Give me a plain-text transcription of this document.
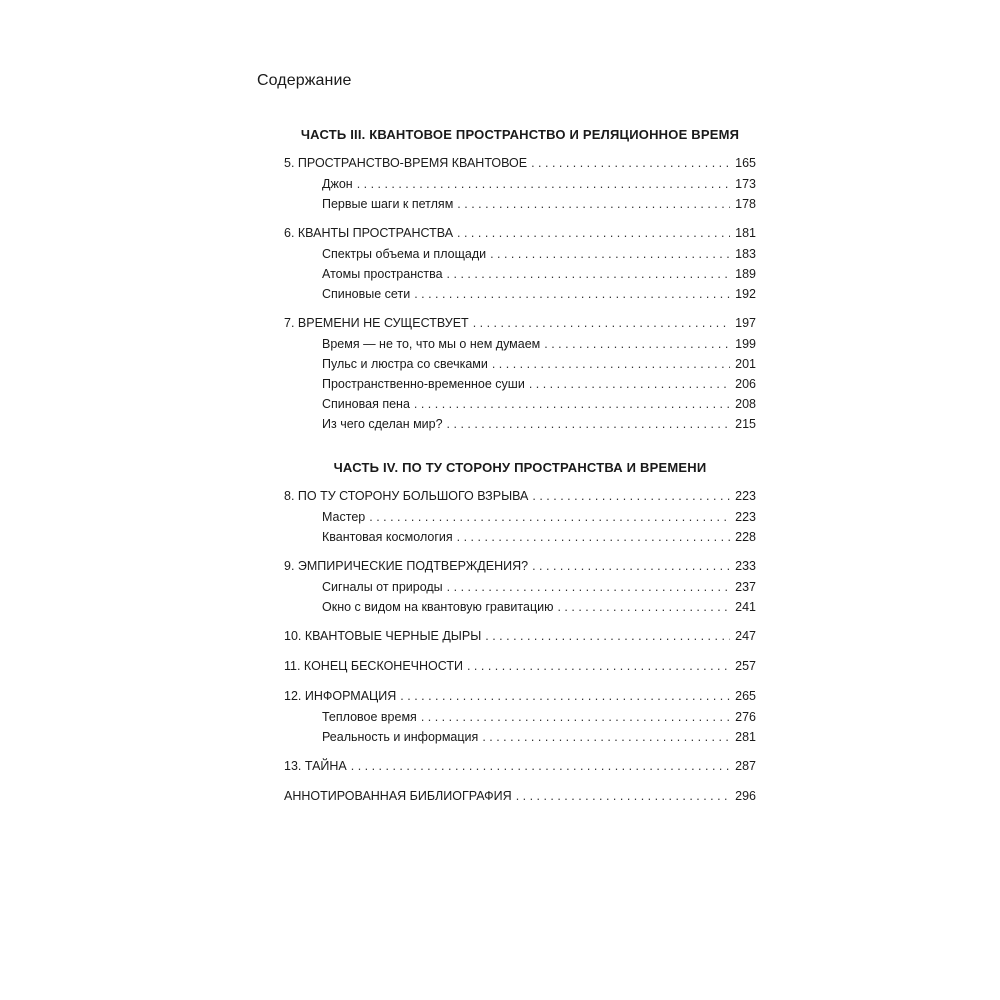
Содержание
ЧАСТЬ III. КВАНТОВОЕ ПРОСТРАНСТВО И РЕЛЯЦИОННОЕ ВРЕМЯ
5. ПРОСТРАНСТВО-ВРЕМЯ КВАНТОВОЕ . . .	165
Джон . . .	173
Первые шаги к петлям . . .	178
6. КВАНТЫ ПРОСТРАНСТВА . . .	181
Спектры объема и площади . . .	183
Атомы пространства . . .	189
Спиновые сети . . .	192
7. ВРЕМЕНИ НЕ СУЩЕСТВУЕТ . . .	197
Время — не то, что мы о нем думаем . . .	199
Пульс и люстра со свечками . . .	201
Пространственно-временное суши . . .	206
Спиновая пена . . .	208
Из чего сделан мир? . . .	215
ЧАСТЬ IV. ПО ТУ СТОРОНУ ПРОСТРАНСТВА И ВРЕМЕНИ
8. ПО ТУ СТОРОНУ БОЛЬШОГО ВЗРЫВА . . .	223
Мастер . . .	223
Квантовая космология . . .	228
9. ЭМПИРИЧЕСКИЕ ПОДТВЕРЖДЕНИЯ? . . .	233
Сигналы от природы . . .	237
Окно с видом на квантовую гравитацию . . .	241
10. КВАНТОВЫЕ ЧЕРНЫЕ ДЫРЫ . . .	247
11. КОНЕЦ БЕСКОНЕЧНОСТИ . . .	257
12. ИНФОРМАЦИЯ . . .	265
Тепловое время . . .	276
Реальность и информация . . .	281
13. ТАЙНА . . .	287
АННОТИРОВАННАЯ БИБЛИОГРАФИЯ . . .	296
